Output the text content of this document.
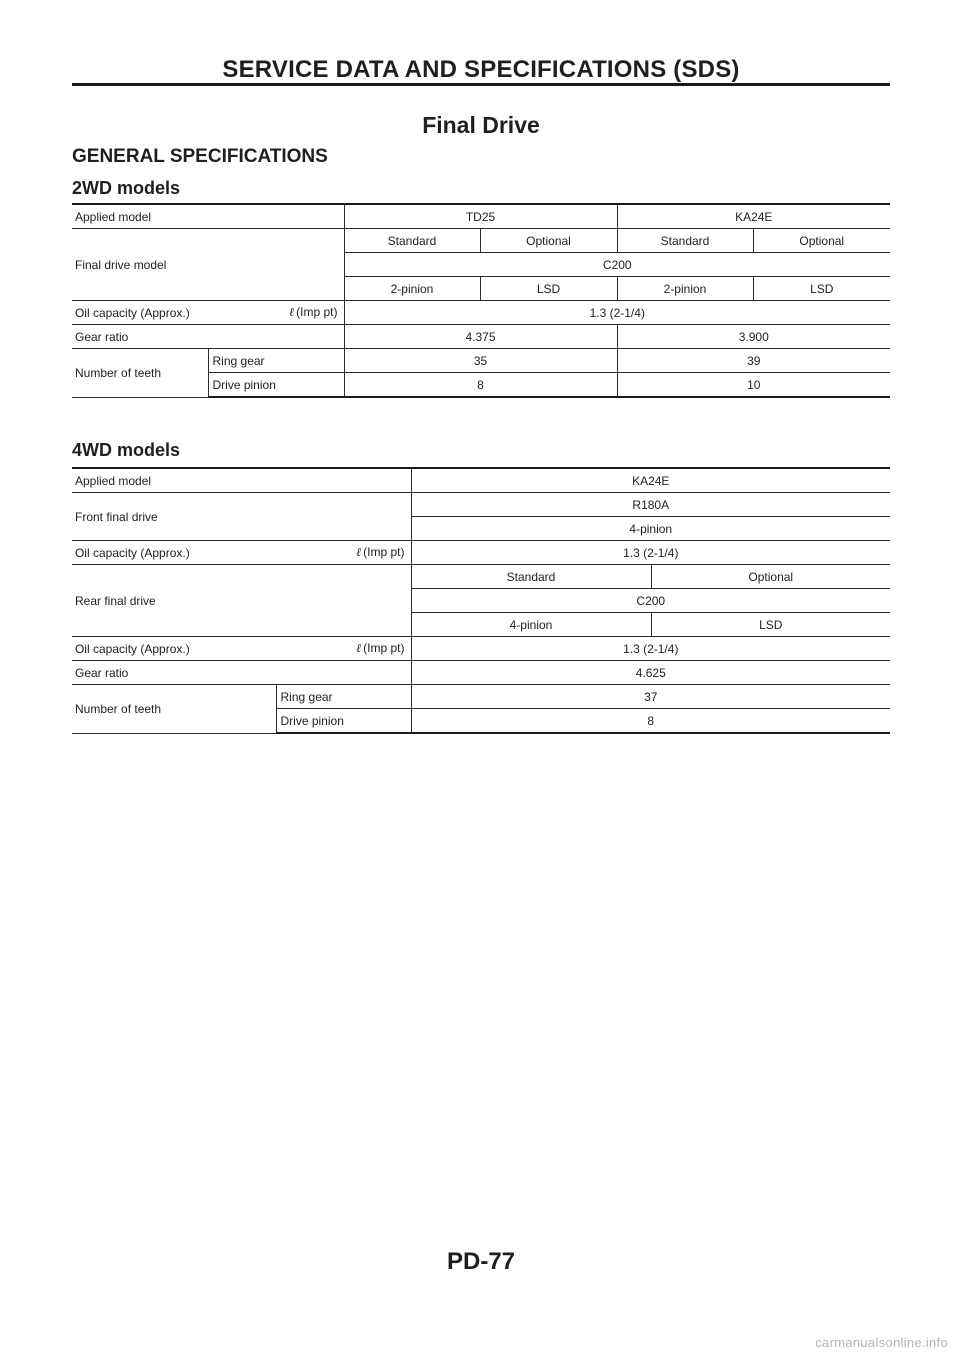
SERVICE DATA AND SPECIFICATIONS (SDS)
Final Drive
GENERAL SPECIFICATIONS
2WD models
Applied model		TD25		KA24E	
Final drive model		Standard	Optional	Standard	Optional
		C200			
		2-pinion	LSD	2-pinion	LSD
Oil capacity (Approx.)	ℓ (Imp pt)	1.3 (2-1/4)			
Gear ratio		4.375		3.900	
Number of teeth	Ring gear	35		39	
	Drive pinion	8		10	
4WD models
Applied model		KA24E	
Front final drive		R180A	
		4-pinion	
Oil capacity (Approx.)	ℓ (Imp pt)	1.3 (2-1/4)	
Rear final drive		Standard	Optional
		C200	
		4-pinion	LSD
Oil capacity (Approx.)	ℓ (Imp pt)	1.3 (2-1/4)	
Gear ratio		4.625	
Number of teeth	Ring gear	37	
	Drive pinion	8	
PD-77
carmanualsonline.info
